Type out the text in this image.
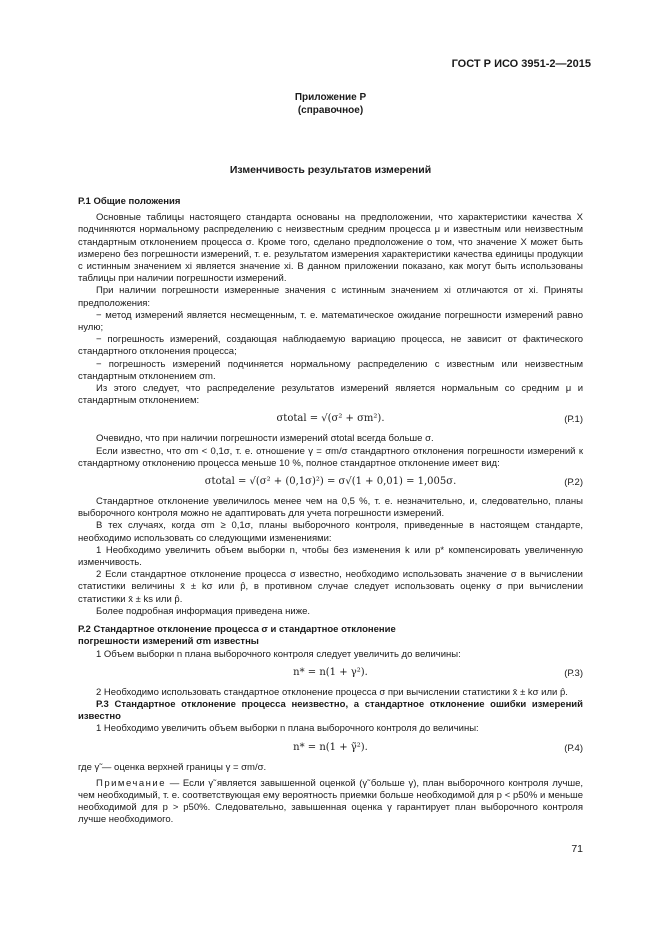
ГОСТ Р ИСО 3951-2—2015
Приложение Р
(справочное)
Изменчивость результатов измерений

Р.1 Общие положения

Основные таблицы настоящего стандарта основаны на предположении, что характеристики качества X подчиняются нормальному распределению с неизвестным средним процесса μ и известным или неизвестным стандартным отклонением процесса σ. Кроме того, сделано предположение о том, что значение X может быть измерено без погрешности измерений, т. е. результатом измерения характеристики качества единицы продукции с истинным значением xi является значение xi. В данном приложении показано, как могут быть использованы таблицы при наличии погрешности измерений.

При наличии погрешности измеренные значения с истинным значением xi отличаются от xi. Приняты предположения:

− метод измерений является несмещенным, т. е. математическое ожидание погрешности измерений равно нулю;

− погрешность измерений, создающая наблюдаемую вариацию процесса, не зависит от фактического стандартного отклонения процесса;

− погрешность измерений подчиняется нормальному распределению с известным или неизвестным стандартным отклонением σm.

Из этого следует, что распределение результатов измерений является нормальным со средним μ и стандартным отклонением:

σtotal = √(σ² + σm²).	(Р.1)

Очевидно, что при наличии погрешности измерений σtotal всегда больше σ.

Если известно, что σm < 0,1σ, т. е. отношение γ = σm/σ стандартного отклонения погрешности измерений к стандартному отклонению процесса меньше 10 %, полное стандартное отклонение имеет вид:

σtotal = √(σ² + (0,1σ)²) = σ√(1 + 0,01) = 1,005σ.	(Р.2)

Стандартное отклонение увеличилось менее чем на 0,5 %, т. е. незначительно, и, следовательно, планы выборочного контроля можно не адаптировать для учета погрешности измерений.

В тех случаях, когда σm ≥ 0,1σ, планы выборочного контроля, приведенные в настоящем стандарте, необходимо использовать со следующими изменениями:

1 Необходимо увеличить объем выборки n, чтобы без изменения k или p* компенсировать увеличенную изменчивость.

2 Если стандартное отклонение процесса σ известно, необходимо использовать значение σ в вычислении статистики величины x̄ ± kσ или p̂, в противном случае следует использовать оценку σ при вычислении статистики x̄ ± ks или p̂.

Более подробная информация приведена ниже.

Р.2 Стандартное отклонение процесса σ и стандартное отклонение
погрешности измерений σm известны

1 Объем выборки n плана выборочного контроля следует увеличить до величины:

n* = n(1 + γ²).	(Р.3)

2 Необходимо использовать стандартное отклонение процесса σ при вычислении статистики x̄ ± kσ или p̂.

Р.3 Стандартное отклонение процесса неизвестно, а стандартное отклонение ошибки измерений известно

1 Необходимо увеличить объем выборки n плана выборочного контроля до величины:

n* = n(1 + γ̃²).	(Р.4)

где γ̃ — оценка верхней границы γ = σm/σ.

Примечание — Если γ̃ является завышенной оценкой (γ̃ больше γ), план выборочного контроля лучше, чем необходимый, т. е. соответствующая ему вероятность приемки больше необходимой для p < p50% и меньше необходимой для p > p50%. Следовательно, завышенная оценка γ гарантирует план выборочного контроля лучше необходимого.

71
